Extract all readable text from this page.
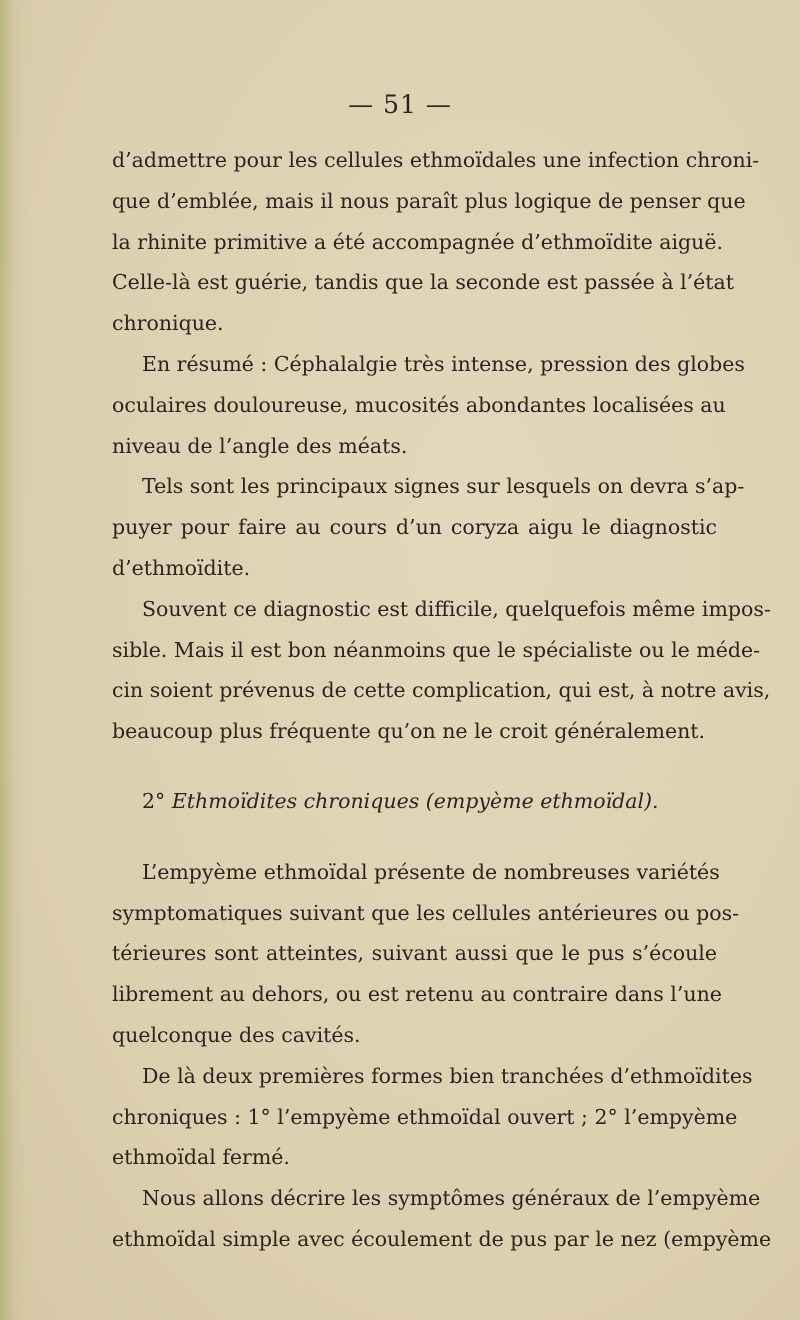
— 51 —
d’admettre pour les cellules ethmoïdales une infection chroni-
que d’emblée, mais il nous paraît plus logique de penser que
la rhinite primitive a été accompagnée d’ethmoïdite aiguë.
Celle-là est guérie, tandis que la seconde est passée à l’état
chronique.
En résumé : Céphalalgie très intense, pression des globes
oculaires douloureuse, mucosités abondantes localisées au
niveau de l’angle des méats.
Tels sont les principaux signes sur lesquels on devra s’ap-
puyer pour faire au cours d’un coryza aigu le diagnostic
d’ethmoïdite.
Souvent ce diagnostic est difficile, quelquefois même impos-
sible. Mais il est bon néanmoins que le spécialiste ou le méde-
cin soient prévenus de cette complication, qui est, à notre avis,
beaucoup plus fréquente qu’on ne le croit généralement.
2° Ethmoïdites chroniques (empyème ethmoïdal).
L’empyème ethmoïdal présente de nombreuses variétés
symptomatiques suivant que les cellules antérieures ou pos-
térieures sont atteintes, suivant aussi que le pus s’écoule
librement au dehors, ou est retenu au contraire dans l’une
quelconque des cavités.
De là deux premières formes bien tranchées d’ethmoïdites
chroniques : 1° l’empyème ethmoïdal ouvert ; 2° l’empyème
ethmoïdal fermé.
Nous allons décrire les symptômes généraux de l’empyème
ethmoïdal simple avec écoulement de pus par le nez (empyème
